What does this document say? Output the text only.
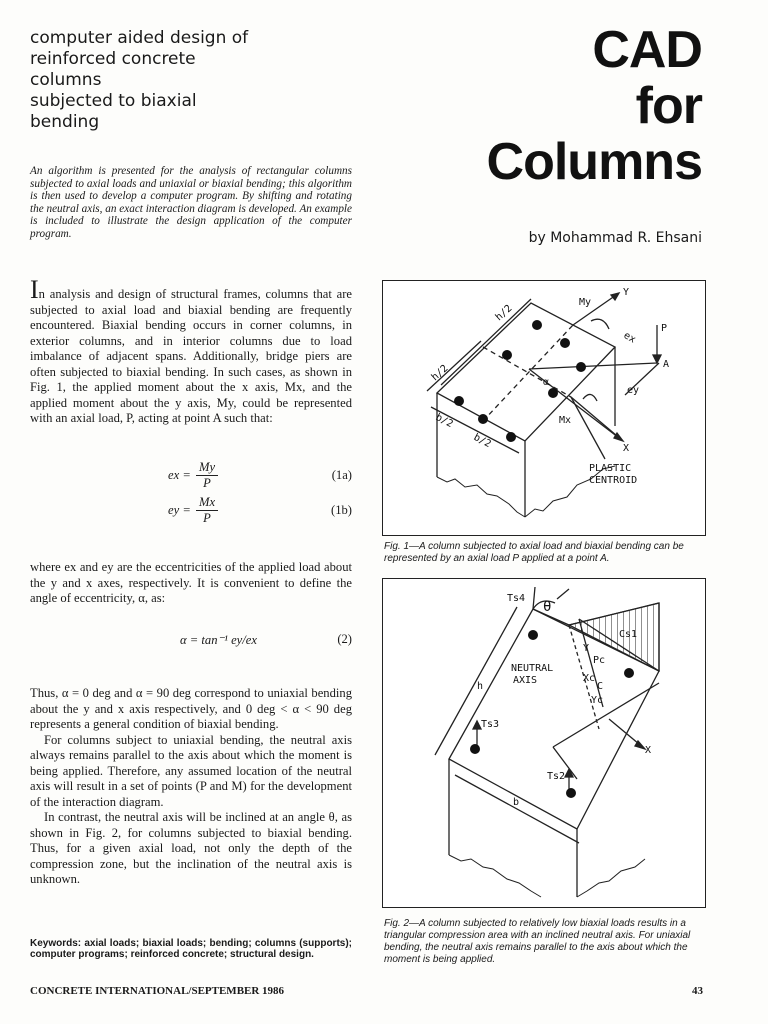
computer aided design of
reinforced concrete
columns
subjected to biaxial
bending
CAD
for
Columns
by Mohammad R. Ehsani
An algorithm is presented for the analysis of rectangular columns subjected to axial loads and uniaxial or biaxial bending; this algorithm is then used to develop a computer program. By shifting and rotating the neutral axis, an exact interaction diagram is developed. An example is included to illustrate the design application of the computer program.

In analysis and design of structural frames, columns that are subjected to axial load and biaxial bending are frequently encountered. Biaxial bending occurs in corner columns, in exterior columns, and in interior columns due to load imbalance of adjacent spans. Additionally, bridge piers are often subjected to biaxial bending. In such cases, as shown in Fig. 1, the applied moment about the x axis, Mx, and the applied moment about the y axis, My, could be represented with an axial load, P, acting at point A such that:

ex = $\frac{My}{P}$	(1a)
ey = $\frac{Mx}{P}$	(1b)
where ex and ey are the eccentricities of the applied load about the y and x axes, respectively. It is convenient to define the angle of eccentricity, α, as:
α = tan⁻¹ ey/ex	(2)

Thus, α = 0 deg and α = 90 deg correspond to uniaxial bending about the y and x axis respectively, and 0 deg < α < 90 deg represents a general condition of biaxial bending.

For columns subject to uniaxial bending, the neutral axis always remains parallel to the axis about which the moment is being applied. Therefore, any assumed location of the neutral axis will result in a set of points (P and M) for the development of the interaction diagram.

In contrast, the neutral axis will be inclined at an angle θ, as shown in Fig. 2, for columns subjected to biaxial bending. Thus, for a given axial load, not only the depth of the compression zone, but the inclination of the neutral axis is unknown.

Keywords: axial loads; biaxial loads; bending; columns (supports); computer programs; reinforced concrete; structural design.
CONCRETE INTERNATIONAL/SEPTEMBER 1986	43
My
Y
h/2
h/2
ex
P
A
α
ey
Mx
X
b/2
b/2
PLASTIC
CENTROID
Fig. 1—A column subjected to axial load and biaxial bending can be represented by an axial load P applied at a point A.
Ts4
θ
Cs1
NEUTRAL
AXIS
Y
Pc
Xc
C
Yc
h
Ts3
X
Ts2
b
Fig. 2—A column subjected to relatively low biaxial loads results in a triangular compression area with an inclined neutral axis. For uniaxial bending, the neutral axis remains parallel to the axis about which the moment is being applied.
